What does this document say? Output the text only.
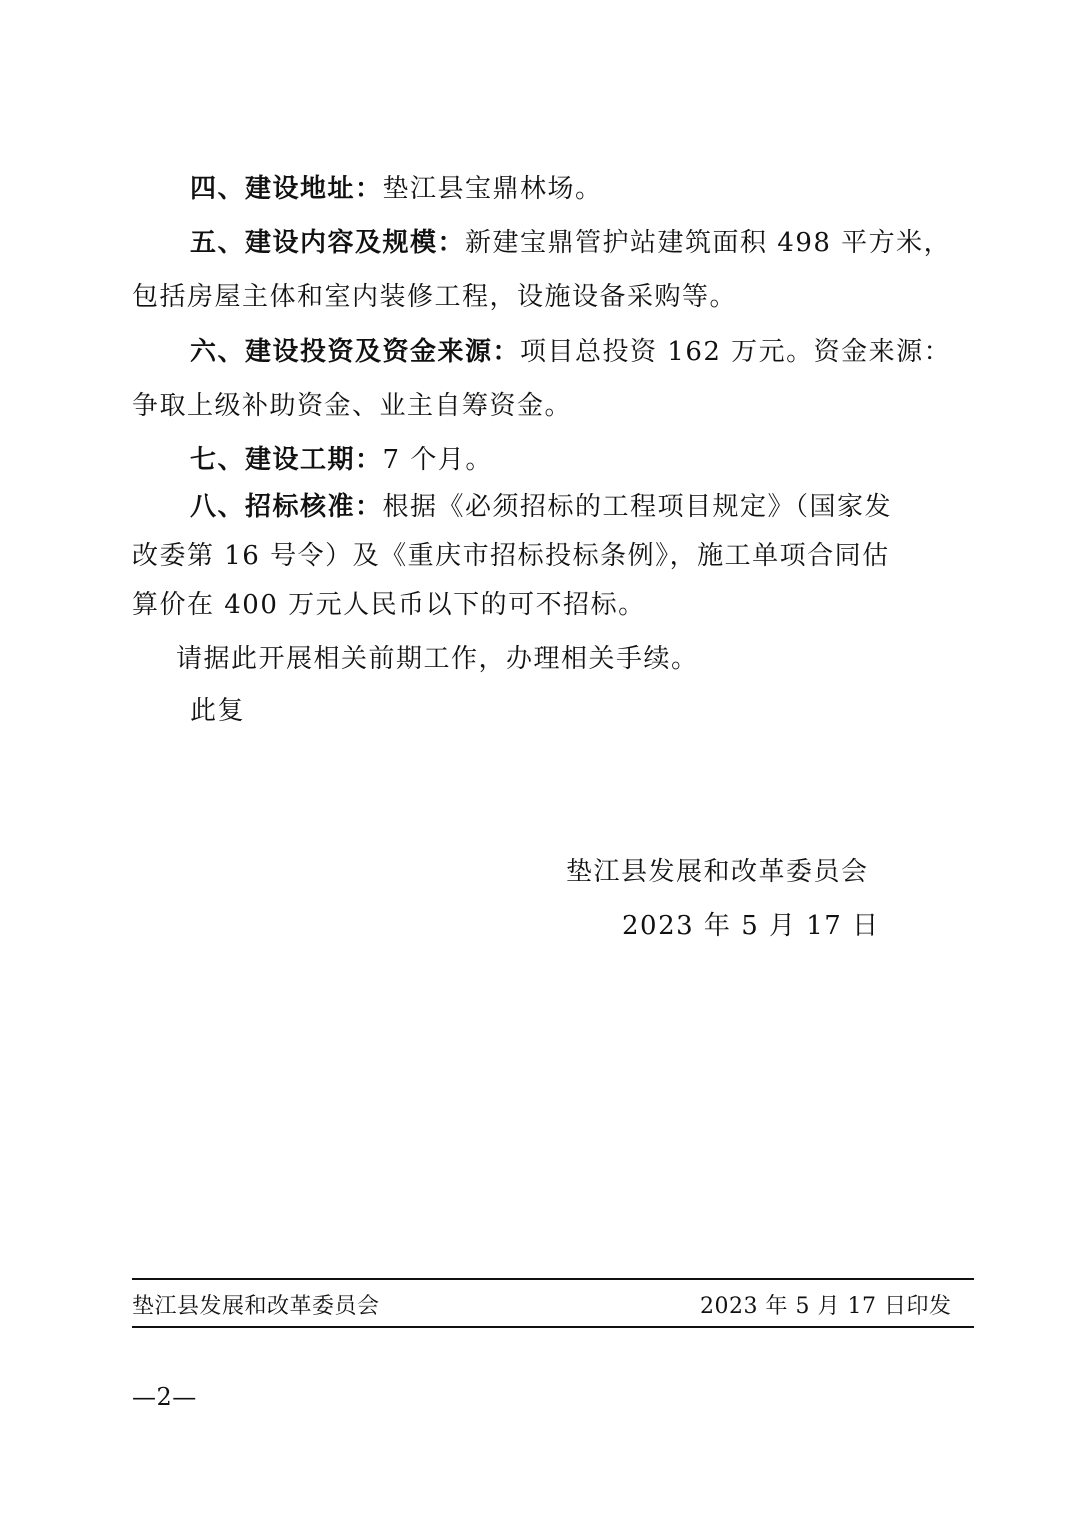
四、建设地址：垫江县宝鼎林场。
五、建设内容及规模：新建宝鼎管护站建筑面积 498 平方米，
包括房屋主体和室内装修工程，设施设备采购等。
六、建设投资及资金来源：项目总投资 162 万元。资金来源：
争取上级补助资金、业主自筹资金。
七、建设工期：7 个月。
八、招标核准：根据《必须招标的工程项目规定》（国家发
改委第 16 号令）及《重庆市招标投标条例》，施工单项合同估
算价在 400 万元人民币以下的可不招标。
请据此开展相关前期工作，办理相关手续。
此复
垫江县发展和改革委员会
2023 年 5 月 17 日
垫江县发展和改革委员会	2023 年 5 月 17 日印发
—2—
